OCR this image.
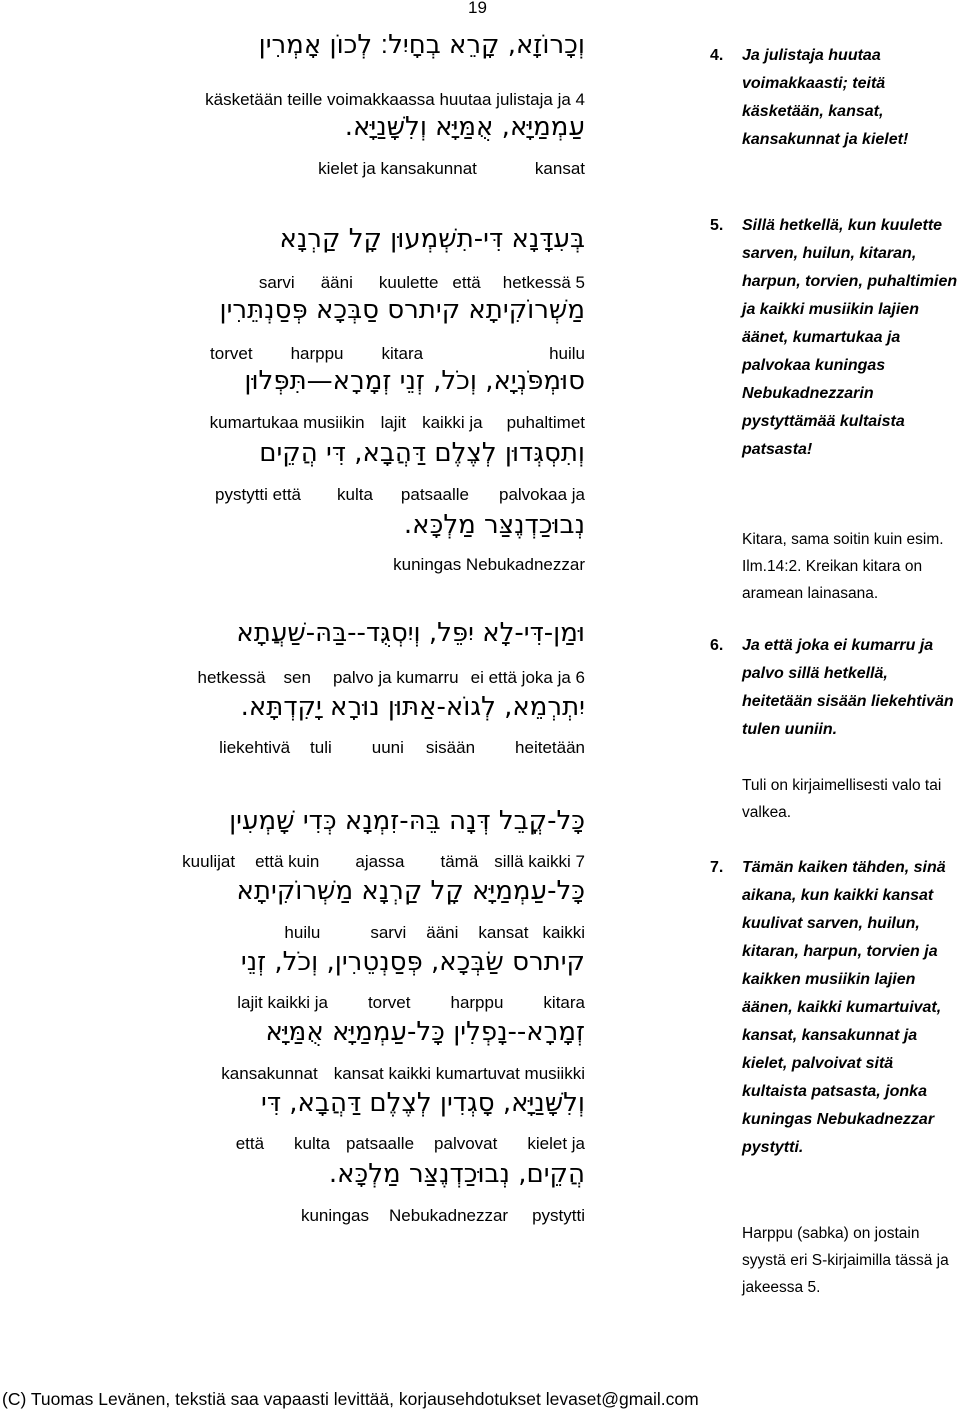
19
וְכָרוֹזָא, קָרֵא בְחָיִל׃ לְכוֹן אָמְרִין
käsketään teille voimakkaassa huutaa julistaja ja 4
עַמְמַיָּא, אֻמַּיָּא וְלִשָּׁנַיָּא.
kielet ja kansakunnat	kansat
בְּעִדָּנָא דִּי-תִשְׁמְעוּן קָל קַרְנָא
sarvi ääni kuulette että hetkessä 5
מַשְׁרוֹקִיתָא קיתרס סַבְּכָא פְּסַנְתֵּרִין
torvet harppu kitara	huilu
סוּמְפֹּנְיָא, וְכֹל, זְנֵי זְמָרָא—תִּפְּלוּן
kumartukaa musiikin lajit kaikki ja puhaltimet
וְתִסְגְּדוּן לְצֶלֶם דַּהֲבָא, דִּי הֲקֵים
pystytti että kulta patsaalle palvokaa ja
נְבוּכַדְנֶצַּר מַלְכָּא.
kuningas Nebukadnezzar
וּמַן-דִּי-לָא יִפֵּל, וְיִסְגֻּד--בַּהּ-שַׁעֲתָא
hetkessä sen palvo ja kumarru ei että joka ja 6
יִתְרְמֵא, לְגוֹא-אַתּוּן נוּרָא יָקִדְתָּא.
liekehtivä tuli uuni sisään heitetään
כָּל-קֳבֵל דְּנָה בֵּהּ-זִמְנָא כְּדִי שָׁמְעִין
kuulijat että kuin ajassa tämä sillä kaikki 7
כָּל-עַמְמַיָּא קָל קַרְנָא מַשְׁרוֹקִיתָא
huilu	sarvi ääni kansat kaikki
קיתרס שַׂבְּכָא, פְּסַנְטֵרִין, וְכֹל, זְנֵי
lajit kaikki ja torvet harppu kitara
זְמָרָא--נָפְלִין כָּל-עַמְמַיָּא אֻמַּיָּא
kansakunnat kansat kaikki kumartuvat musiikki
וְלִשָּׁנַיָּא, סָגְדִין לְצֶלֶם דַּהֲבָא, דִּי
että kulta patsaalle palvovat kielet ja
הֲקֵים, נְבוּכַדְנֶצַּר מַלְכָּא.
kuningas Nebukadnezzar pystytti
4. Ja julistaja huutaa voimakkaasti; teitä käsketään, kansat, kansakunnat ja kielet!
5. Sillä hetkellä, kun kuulette sarven, huilun, kitaran, harpun, torvien, puhaltimien ja kaikki musiikin lajien äänet, kumartukaa ja palvokaa kuningas Nebukadnezzarin pystyttämää kultaista patsasta!
Kitara, sama soitin kuin esim. Ilm.14:2. Kreikan kitara on aramean lainasana.
6. Ja että joka ei kumarru ja palvo sillä hetkellä, heitetään sisään liekehtivän tulen uuniin.
Tuli on kirjaimellisesti valo tai valkea.
7. Tämän kaiken tähden, sinä aikana, kun kaikki kansat kuulivat sarven, huilun, kitaran, harpun, torvien ja kaikken musiikin lajien äänen, kaikki kumartuivat, kansat, kansakunnat ja kielet, palvoivat sitä kultaista patsasta, jonka kuningas Nebukadnezzar pystytti.
Harppu (sabka) on jostain syystä eri S-kirjaimilla tässä ja jakeessa 5.
(C) Tuomas Levänen, tekstiä saa vapaasti levittää, korjausehdotukset levaset@gmail.com
